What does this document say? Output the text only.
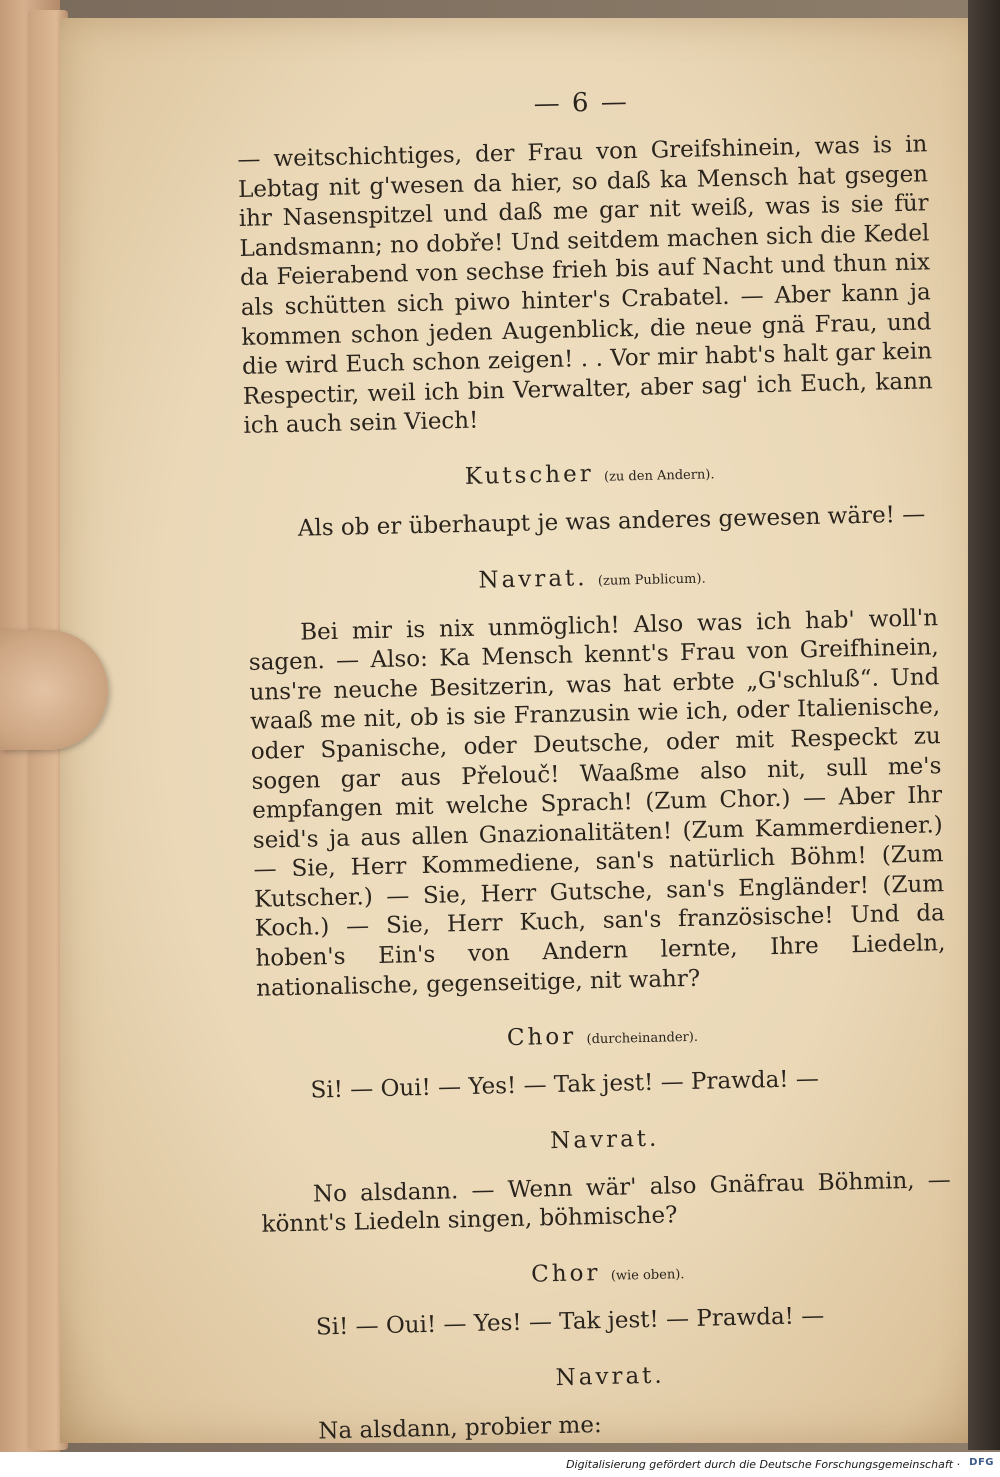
— 6 —

— weitschichtiges, der Frau von Greifshinein, was is in Lebtag nit g'wesen da hier, so daß ka Mensch hat gsegen ihr Nasenspitzel und daß me gar nit weiß, was is sie für Landsmann; no dobře! Und seitdem machen sich die Kedel da Feierabend von sechse frieh bis auf Nacht und thun nix als schütten sich piwo hinter's Crabatel. — Aber kann ja kommen schon jeden Augenblick, die neue gnä Frau, und die wird Euch schon zeigen! . . Vor mir habt's halt gar kein Respectir, weil ich bin Verwalter, aber sag' ich Euch, kann ich auch sein Viech!

Kutscher (zu den Andern).

Als ob er überhaupt je was anderes gewesen wäre! —

Navrat. (zum Publicum).

Bei mir is nix unmöglich! Also was ich hab' woll'n sagen. — Also: Ka Mensch kennt's Frau von Greifhinein, uns're neuche Besitzerin, was hat erbte „G'schluß“. Und waaß me nit, ob is sie Franzusin wie ich, oder Italienische, oder Spanische, oder Deutsche, oder mit Respeckt zu sogen gar aus Přelouč! Waaßme also nit, sull me's empfangen mit welche Sprach! (Zum Chor.) — Aber Ihr seid's ja aus allen Gnazionalitäten! (Zum Kammerdiener.) — Sie, Herr Kommediene, san's natürlich Böhm! (Zum Kutscher.) — Sie, Herr Gutsche, san's Engländer! (Zum Koch.) — Sie, Herr Kuch, san's französische! Und da hoben's Ein's von Andern lernte, Ihre Liedeln, nationalische, gegenseitige, nit wahr?

Chor (durcheinander).

Si! — Oui! — Yes! — Tak jest! — Prawda! —

Navrat.

No alsdann. — Wenn wär' also Gnäfrau Böhmin, — könnt's Liedeln singen, böhmische?

Chor (wie oben).

Si! — Oui! — Yes! — Tak jest! — Prawda! —

Navrat.

Na alsdann, probier me:

Digitalisierung gefördert durch die Deutsche Forschungsgemeinschaft · DFG
